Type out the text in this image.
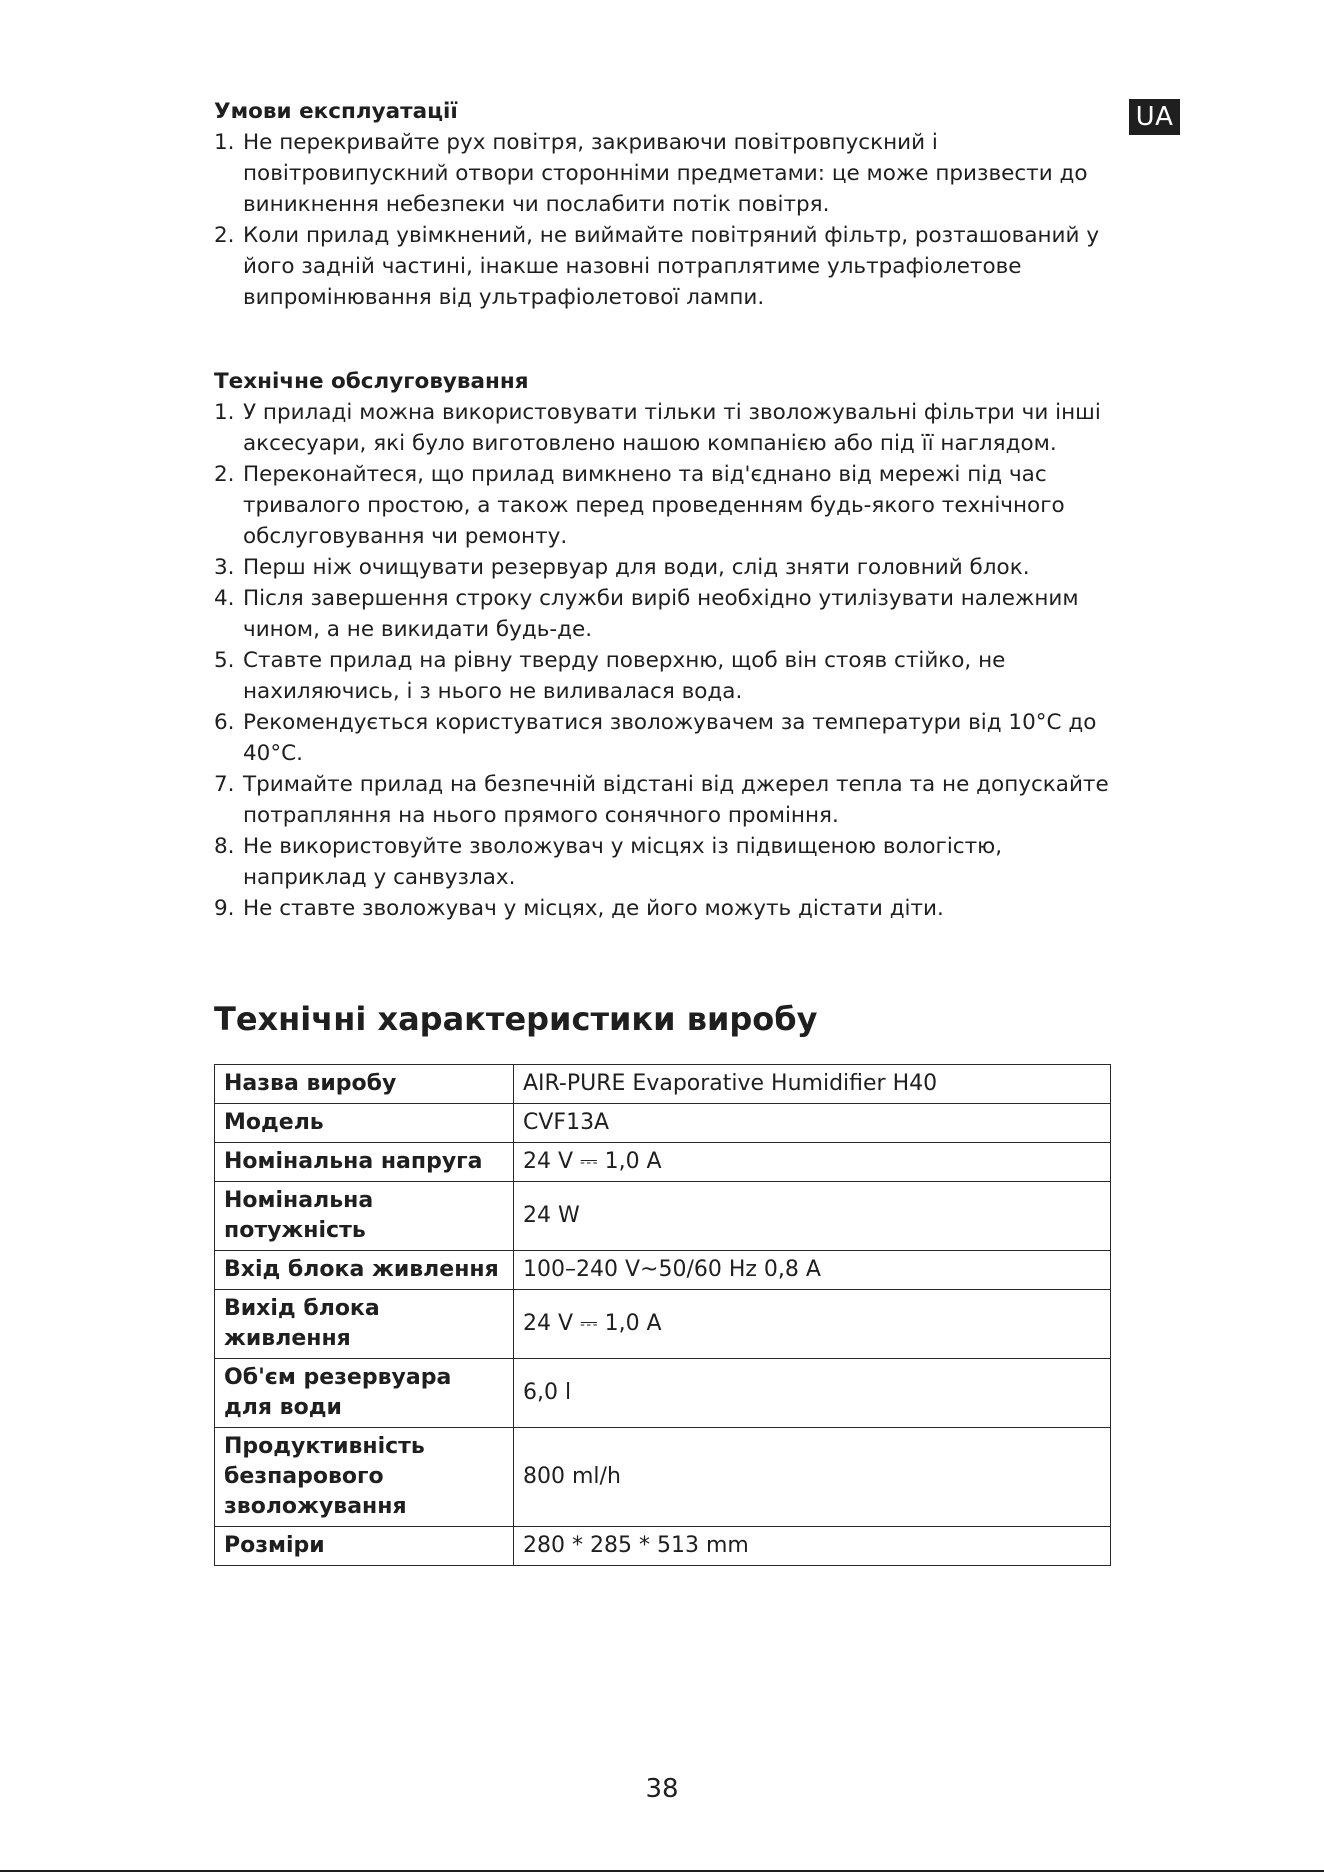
UA
Умови експлуатації
1. Не перекривайте рух повітря, закриваючи повітровпускний і повітровипускний отвори сторонніми предметами: це може призвести до виникнення небезпеки чи послабити потік повітря.
2. Коли прилад увімкнений, не виймайте повітряний фільтр, розташований у його задній частині, інакше назовні потраплятиме ультрафіолетове випромінювання від ультрафіолетової лампи.
Технічне обслуговування
1. У приладі можна використовувати тільки ті зволожувальні фільтри чи інші аксесуари, які було виготовлено нашою компанією або під її наглядом.
2. Переконайтеся, що прилад вимкнено та від'єднано від мережі під час тривалого простою, а також перед проведенням будь-якого технічного обслуговування чи ремонту.
3. Перш ніж очищувати резервуар для води, слід зняти головний блок.
4. Після завершення строку служби виріб необхідно утилізувати належним чином, а не викидати будь-де.
5. Ставте прилад на рівну тверду поверхню, щоб він стояв стійко, не нахиляючись, і з нього не виливалася вода.
6. Рекомендується користуватися зволожувачем за температури від 10°C до 40°C.
7. Тримайте прилад на безпечній відстані від джерел тепла та не допускайте потрапляння на нього прямого сонячного проміння.
8. Не використовуйте зволожувач у місцях із підвищеною вологістю, наприклад у санвузлах.
9. Не ставте зволожувач у місцях, де його можуть дістати діти.
Технічні характеристики виробу
Назва виробу	AIR-PURE Evaporative Humidifier H40
Модель	CVF13A
Номінальна напруга	24 V ⎓ 1,0 A
Номінальна потужність	24 W
Вхід блока живлення	100–240 V~50/60 Hz 0,8 A
Вихід блока живлення	24 V ⎓ 1,0 A
Об'єм резервуара для води	6,0 l
Продуктивність безпарового зволожування	800 ml/h
Розміри	280 * 285 * 513 mm
38
